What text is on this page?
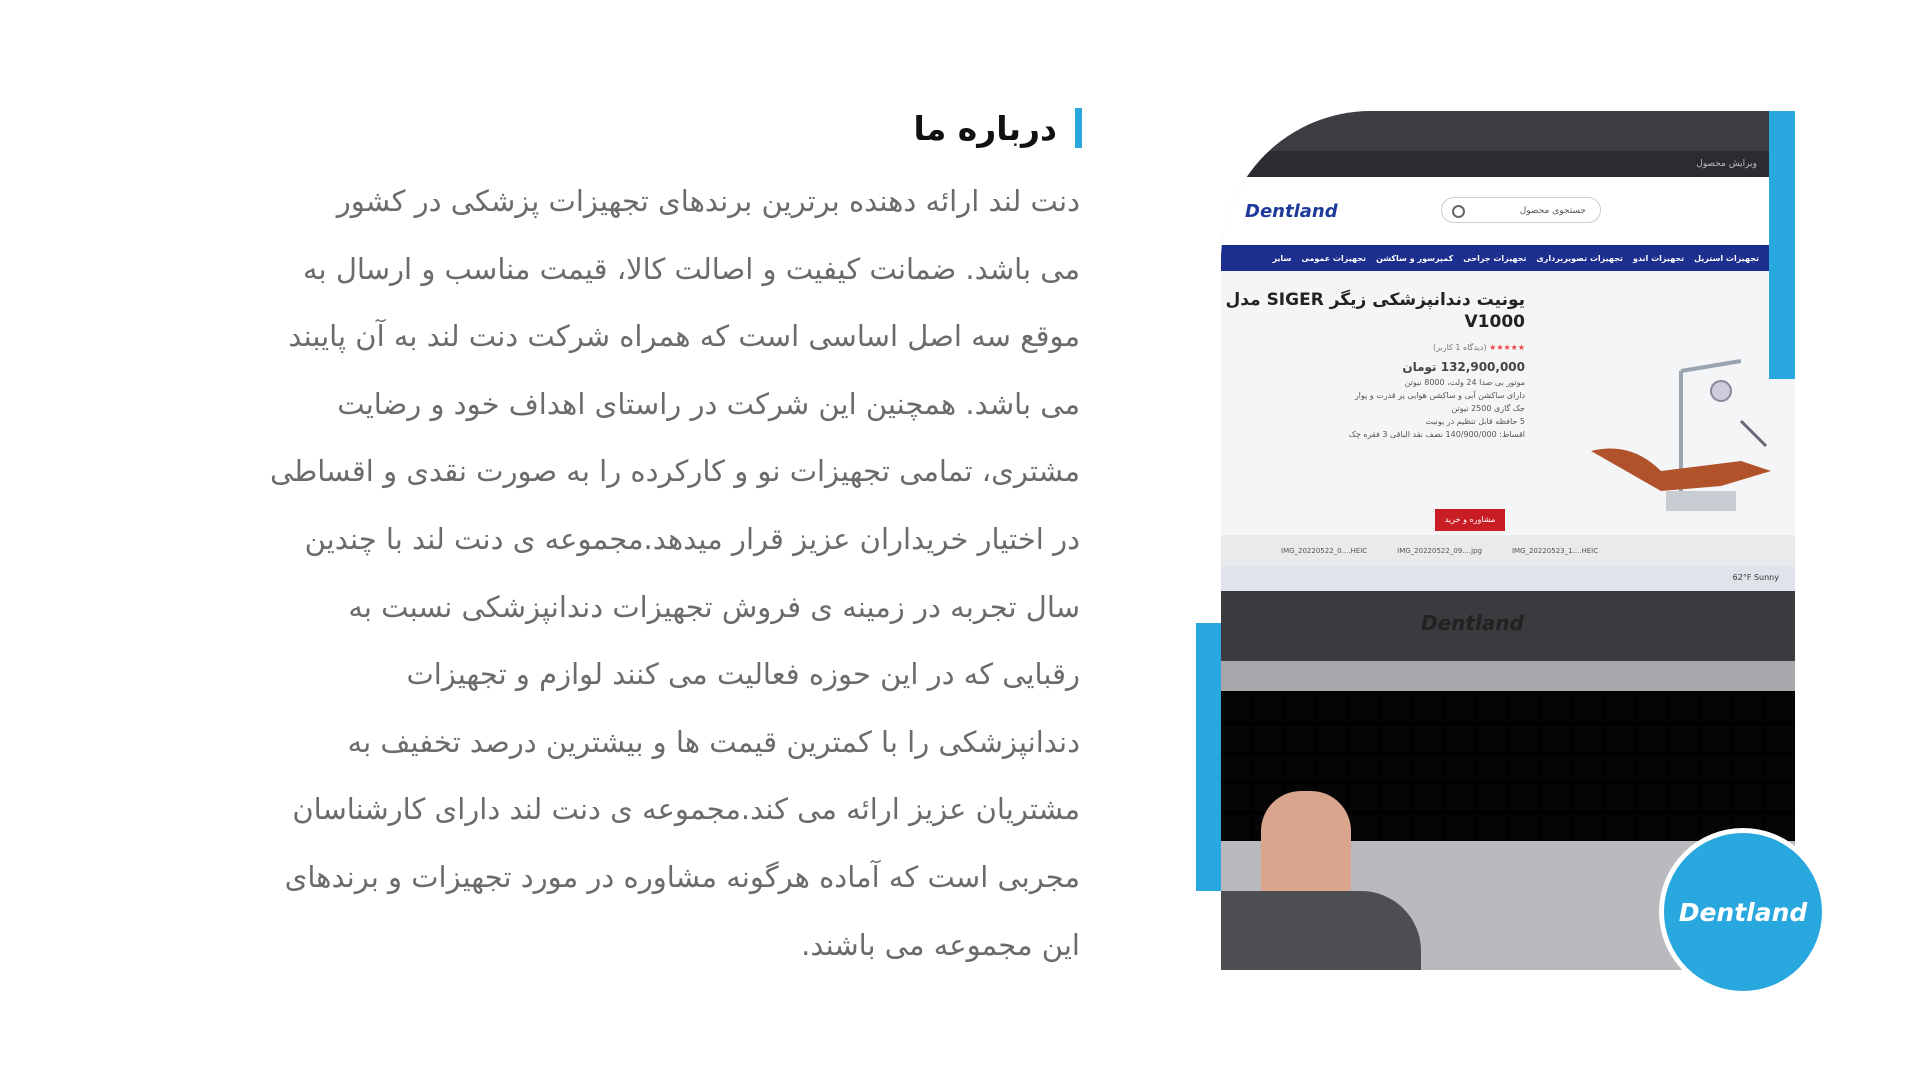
درباره ما
دنت لند ارائه دهنده برترین برندهای تجهیزات پزشکی در کشور
می باشد. ضمانت کیفیت و اصالت کالا، قیمت مناسب و ارسال به
موقع سه اصل اساسی است که همراه شرکت دنت لند به آن پایبند
می باشد. همچنین این شرکت در راستای اهداف خود و رضایت
مشتری، تمامی تجهیزات نو و کارکرده را به صورت نقدی و اقساطی
در اختیار خریداران عزیز قرار میدهد.مجموعه ی دنت لند با چندین
سال تجربه در زمینه ی فروش تجهیزات دندانپزشکی نسبت به
رقبایی که در این حوزه فعالیت می کنند لوازم و تجهیزات
دندانپزشکی را با کمترین قیمت ها و بیشترین درصد تخفیف به
مشتریان عزیز ارائه می کند.مجموعه ی دنت لند دارای کارشناسان
مجربی است که آماده هرگونه مشاوره در مورد تجهیزات و برندهای
این مجموعه می باشند.
ویرایش محصول
Dentland	جستجوی محصول
تجهیزات استریل
تجهیزات اندو
تجهیزات تصویربرداری
تجهیزات جراحی
کمپرسور و ساکشن
تجهیزات عمومی
سایر
یونیت دندانپزشکی زیگر SIGER مدل V1000
★★★★★ (دیدگاه 1 کاربر)
132,900,000 تومان
موتور بی صدا 24 ولت، 8000 نیوتن
دارای ساکشن آبی و ساکشن هوایی پر قدرت و پوار
جک گازی 2500 نیوتن
5 حافظه قابل تنظیم در یونیت
اقساط: 140/900/000 نصف نقد الباقی 3 فقره چک
مشاوره و خرید
IMG_20220522_0....HEIC	IMG_20220522_09....jpg	IMG_20220523_1....HEIC
62°F Sunny
Dentland
Dentland
